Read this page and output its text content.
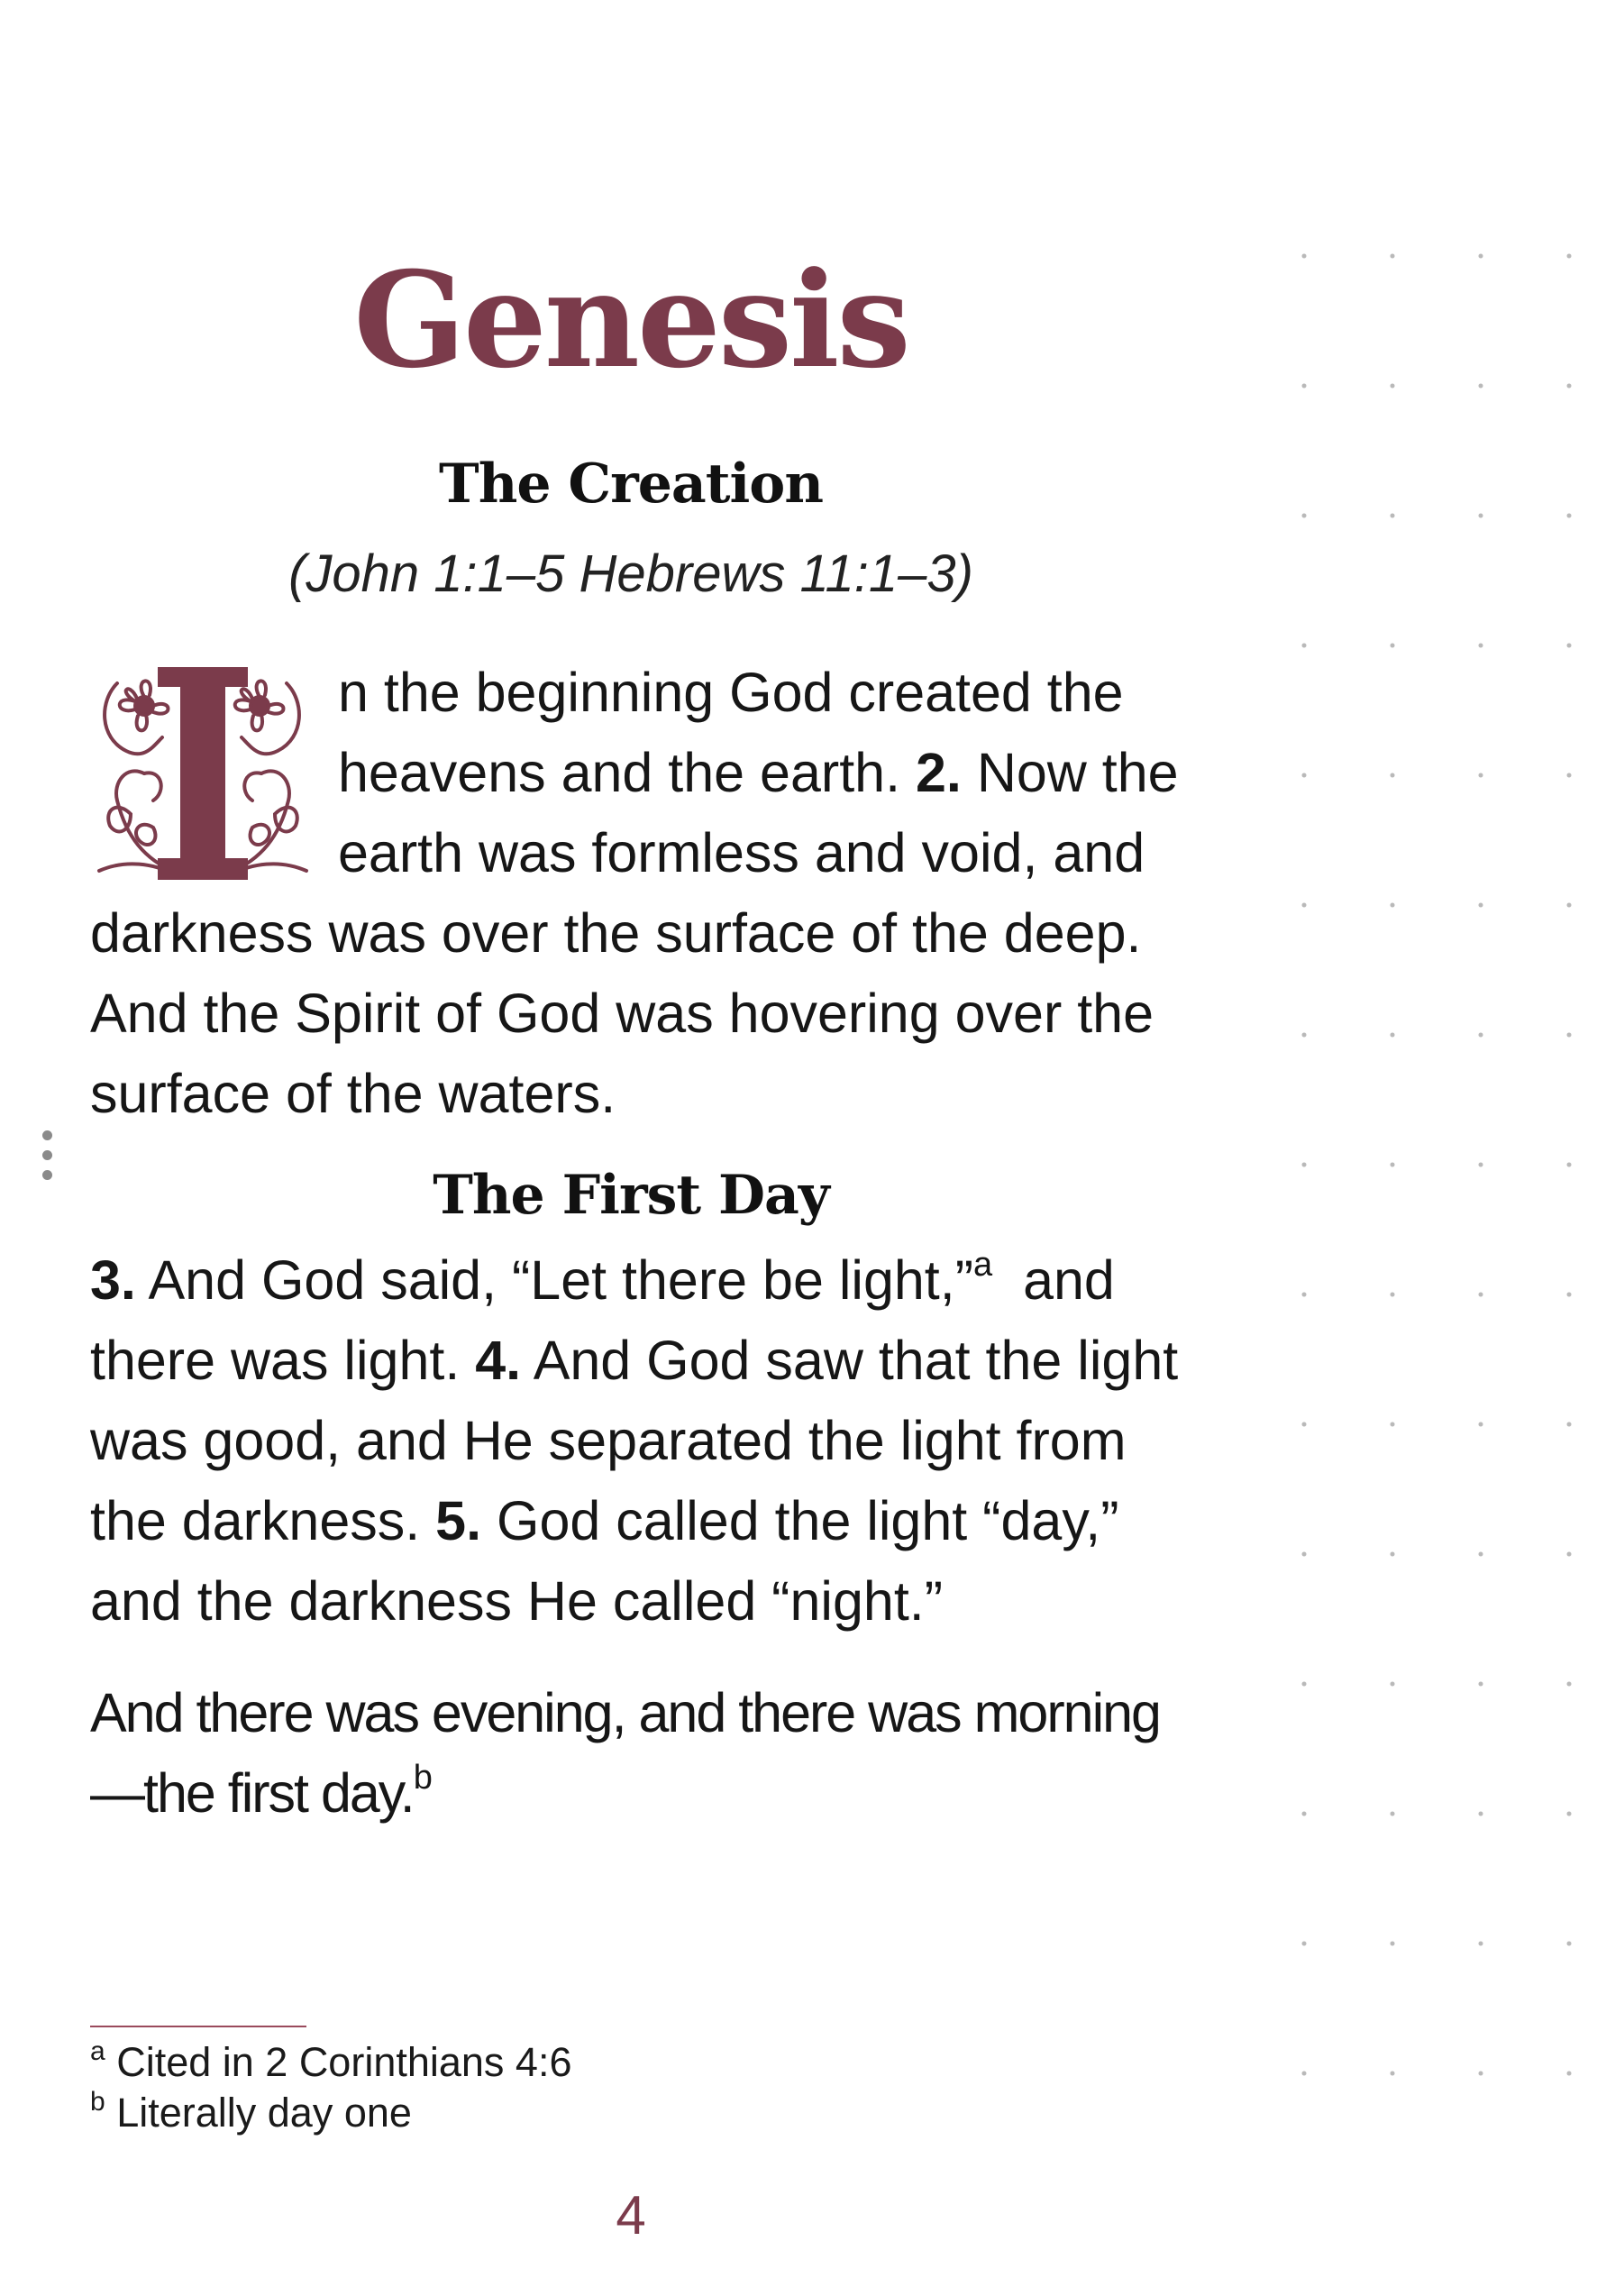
Genesis
The Creation
(John 1:1–5 Hebrews 11:1–3)
I
n the beginning God created the
heavens and the earth. 2. Now the
earth was formless and void, and
darkness was over the surface of the deep.
And the Spirit of God was hovering over the
surface of the waters.
The First Day
3. And God said, “Let there be light,”$^a$ and
there was light. 4. And God saw that the light
was good, and He separated the light from
the darkness. 5. God called the light “day,”
and the darkness He called “night.”
And there was evening, and there was morning
—the first day.$^b$
$^a$ Cited in 2 Corinthians 4:6
$^b$ Literally day one
4
